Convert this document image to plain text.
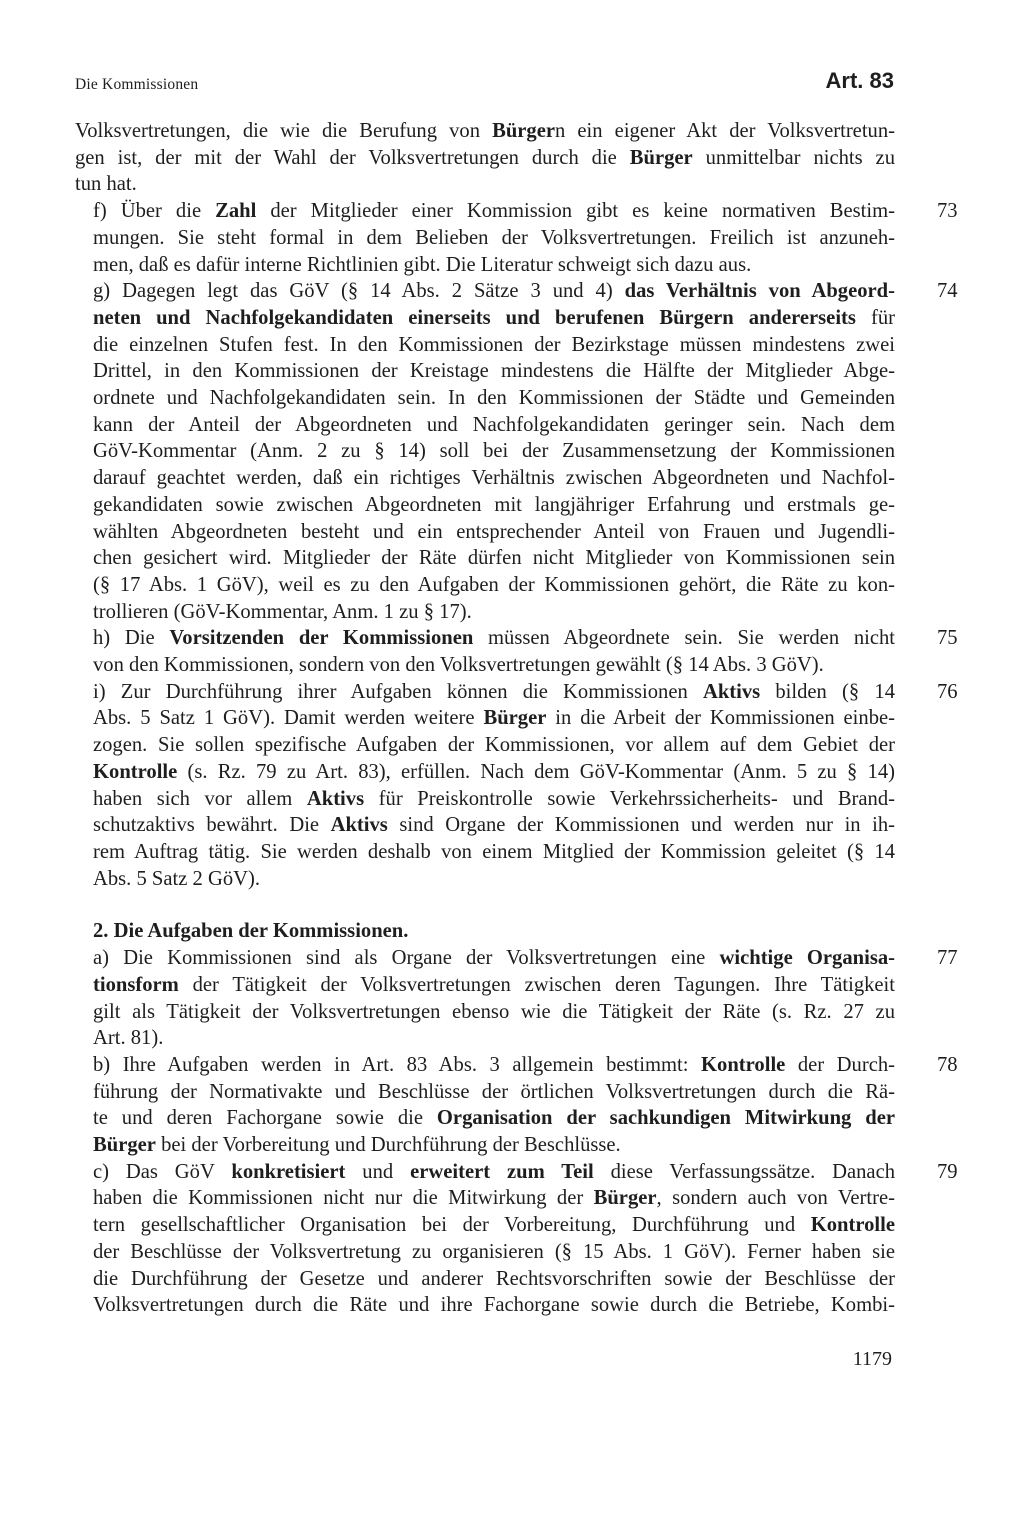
Die Kommissionen	Art. 83

Volksvertretungen, die wie die Berufung von Bürgern ein eigener Akt der Volksvertretun-
gen ist, der mit der Wahl der Volksvertretungen durch die Bürger unmittelbar nichts zu
tun hat.

73
f) Über die Zahl der Mitglieder einer Kommission gibt es keine normativen Bestim-
mungen. Sie steht formal in dem Belieben der Volksvertretungen. Freilich ist anzuneh-
men, daß es dafür interne Richtlinien gibt. Die Literatur schweigt sich dazu aus.

74
g) Dagegen legt das GöV (§ 14 Abs. 2 Sätze 3 und 4) das Verhältnis von Abgeord-
neten und Nachfolgekandidaten einerseits und berufenen Bürgern andererseits für
die einzelnen Stufen fest. In den Kommissionen der Bezirkstage müssen mindestens zwei
Drittel, in den Kommissionen der Kreistage mindestens die Hälfte der Mitglieder Abge-
ordnete und Nachfolgekandidaten sein. In den Kommissionen der Städte und Gemeinden
kann der Anteil der Abgeordneten und Nachfolgekandidaten geringer sein. Nach dem
GöV-Kommentar (Anm. 2 zu § 14) soll bei der Zusammensetzung der Kommissionen
darauf geachtet werden, daß ein richtiges Verhältnis zwischen Abgeordneten und Nachfol-
gekandidaten sowie zwischen Abgeordneten mit langjähriger Erfahrung und erstmals ge-
wählten Abgeordneten besteht und ein entsprechender Anteil von Frauen und Jugendli-
chen gesichert wird. Mitglieder der Räte dürfen nicht Mitglieder von Kommissionen sein
(§ 17 Abs. 1 GöV), weil es zu den Aufgaben der Kommissionen gehört, die Räte zu kon-
trollieren (GöV-Kommentar, Anm. 1 zu § 17).

75
h) Die Vorsitzenden der Kommissionen müssen Abgeordnete sein. Sie werden nicht
von den Kommissionen, sondern von den Volksvertretungen gewählt (§ 14 Abs. 3 GöV).

76
i) Zur Durchführung ihrer Aufgaben können die Kommissionen Aktivs bilden (§ 14
Abs. 5 Satz 1 GöV). Damit werden weitere Bürger in die Arbeit der Kommissionen einbe-
zogen. Sie sollen spezifische Aufgaben der Kommissionen, vor allem auf dem Gebiet der
Kontrolle (s. Rz. 79 zu Art. 83), erfüllen. Nach dem GöV-Kommentar (Anm. 5 zu § 14)
haben sich vor allem Aktivs für Preiskontrolle sowie Verkehrssicherheits- und Brand-
schutzaktivs bewährt. Die Aktivs sind Organe der Kommissionen und werden nur in ih-
rem Auftrag tätig. Sie werden deshalb von einem Mitglied der Kommission geleitet (§ 14
Abs. 5 Satz 2 GöV).

2. Die Aufgaben der Kommissionen.

77
a) Die Kommissionen sind als Organe der Volksvertretungen eine wichtige Organisa-
tionsform der Tätigkeit der Volksvertretungen zwischen deren Tagungen. Ihre Tätigkeit
gilt als Tätigkeit der Volksvertretungen ebenso wie die Tätigkeit der Räte (s. Rz. 27 zu
Art. 81).

78
b) Ihre Aufgaben werden in Art. 83 Abs. 3 allgemein bestimmt: Kontrolle der Durch-
führung der Normativakte und Beschlüsse der örtlichen Volksvertretungen durch die Rä-
te und deren Fachorgane sowie die Organisation der sachkundigen Mitwirkung der
Bürger bei der Vorbereitung und Durchführung der Beschlüsse.

79
c) Das GöV konkretisiert und erweitert zum Teil diese Verfassungssätze. Danach
haben die Kommissionen nicht nur die Mitwirkung der Bürger, sondern auch von Vertre-
tern gesellschaftlicher Organisation bei der Vorbereitung, Durchführung und Kontrolle
der Beschlüsse der Volksvertretung zu organisieren (§ 15 Abs. 1 GöV). Ferner haben sie
die Durchführung der Gesetze und anderer Rechtsvorschriften sowie der Beschlüsse der
Volksvertretungen durch die Räte und ihre Fachorgane sowie durch die Betriebe, Kombi-

1179
